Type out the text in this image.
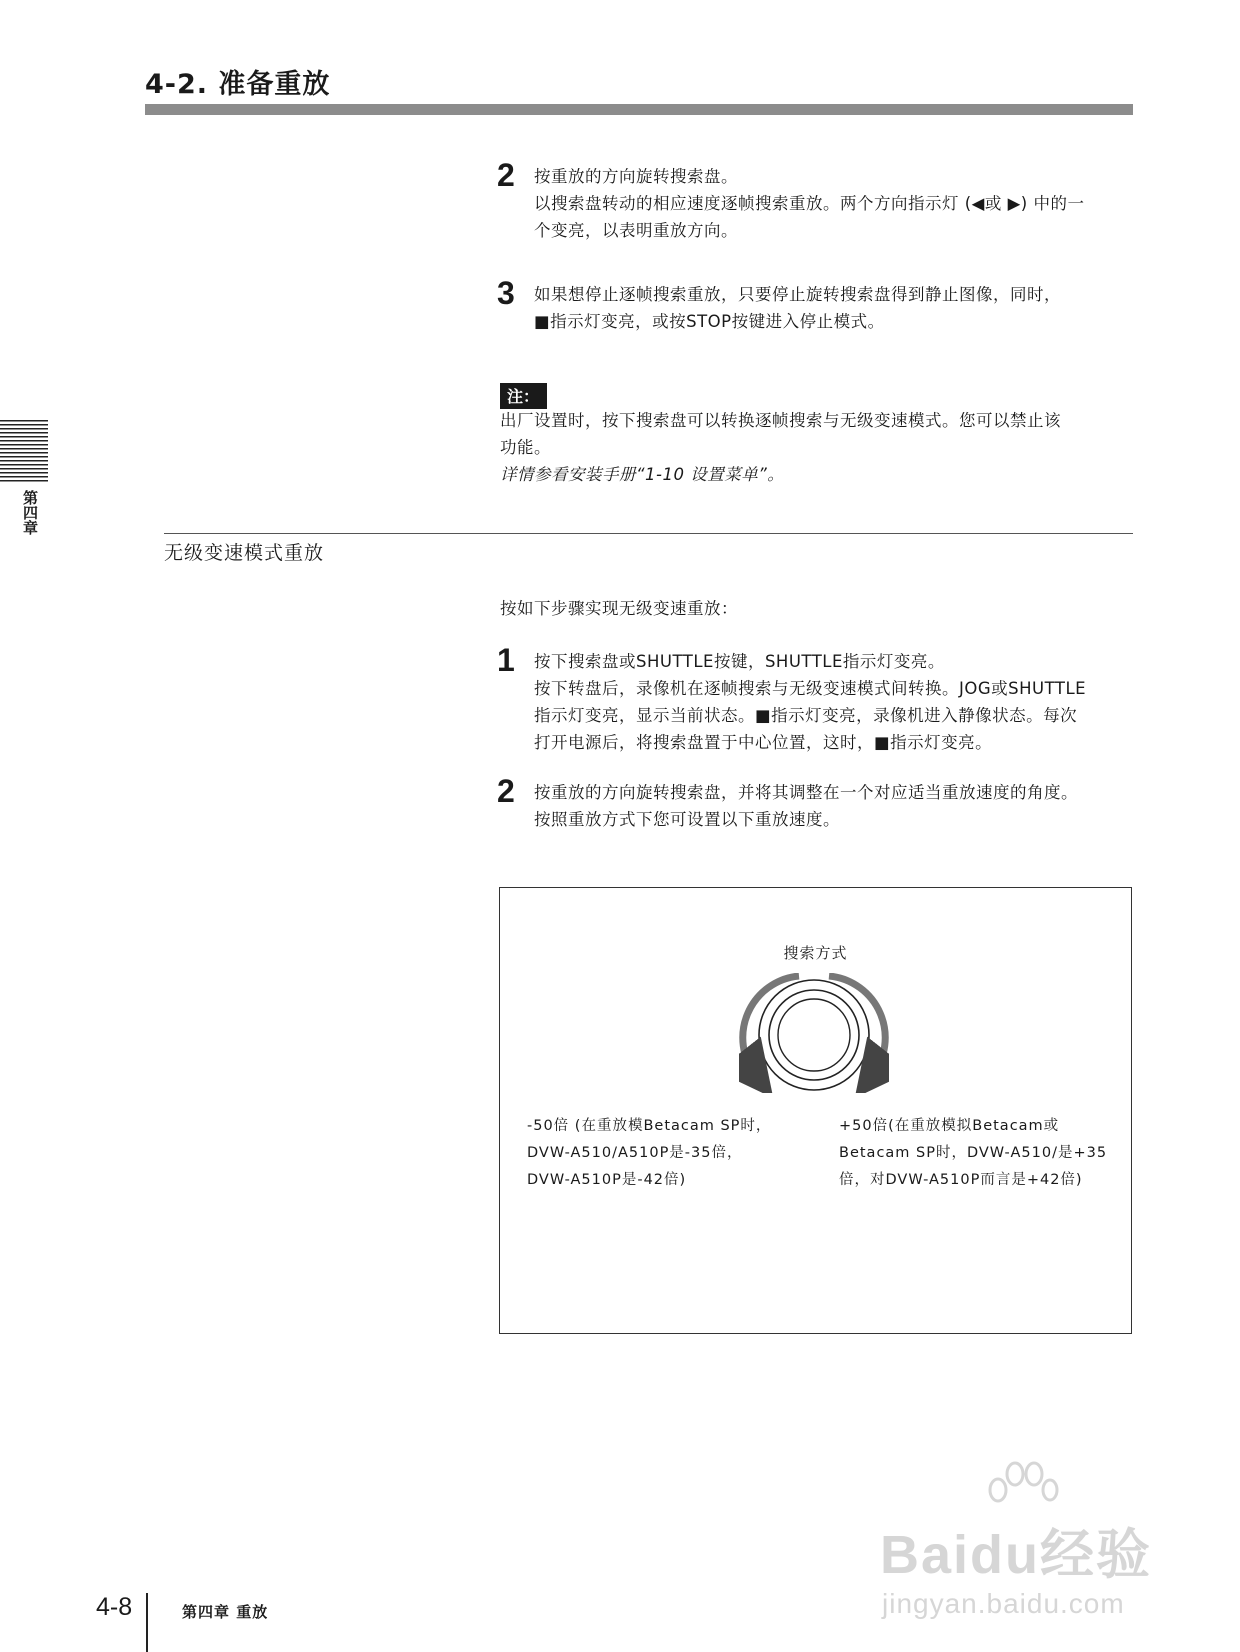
4-2. 准备重放
第四章
2 按重放的方向旋转搜索盘。
以搜索盘转动的相应速度逐帧搜索重放。两个方向指示灯 (◀或 ▶) 中的一
个变亮，以表明重放方向。
3 如果想停止逐帧搜索重放，只要停止旋转搜索盘得到静止图像，同时，
■指示灯变亮，或按STOP按键进入停止模式。
注：
出厂设置时，按下搜索盘可以转换逐帧搜索与无级变速模式。您可以禁止该
功能。
详情参看安装手册“1-10 设置菜单”。
无级变速模式重放
按如下步骤实现无级变速重放：
1 按下搜索盘或SHUTTLE按键，SHUTTLE指示灯变亮。
按下转盘后，录像机在逐帧搜索与无级变速模式间转换。JOG或SHUTTLE
指示灯变亮，显示当前状态。■指示灯变亮，录像机进入静像状态。每次
打开电源后，将搜索盘置于中心位置，这时，■指示灯变亮。
2 按重放的方向旋转搜索盘，并将其调整在一个对应适当重放速度的角度。
按照重放方式下您可设置以下重放速度。
搜索方式
-50倍 (在重放模Betacam SP时，
DVW-A510/A510P是-35倍，
DVW-A510P是-42倍)
+50倍(在重放模拟Betacam或
Betacam SP时，DVW-A510/是+35
倍，对DVW-A510P而言是+42倍)
4-8	第四章 重放
Baidu经验
jingyan.baidu.com
